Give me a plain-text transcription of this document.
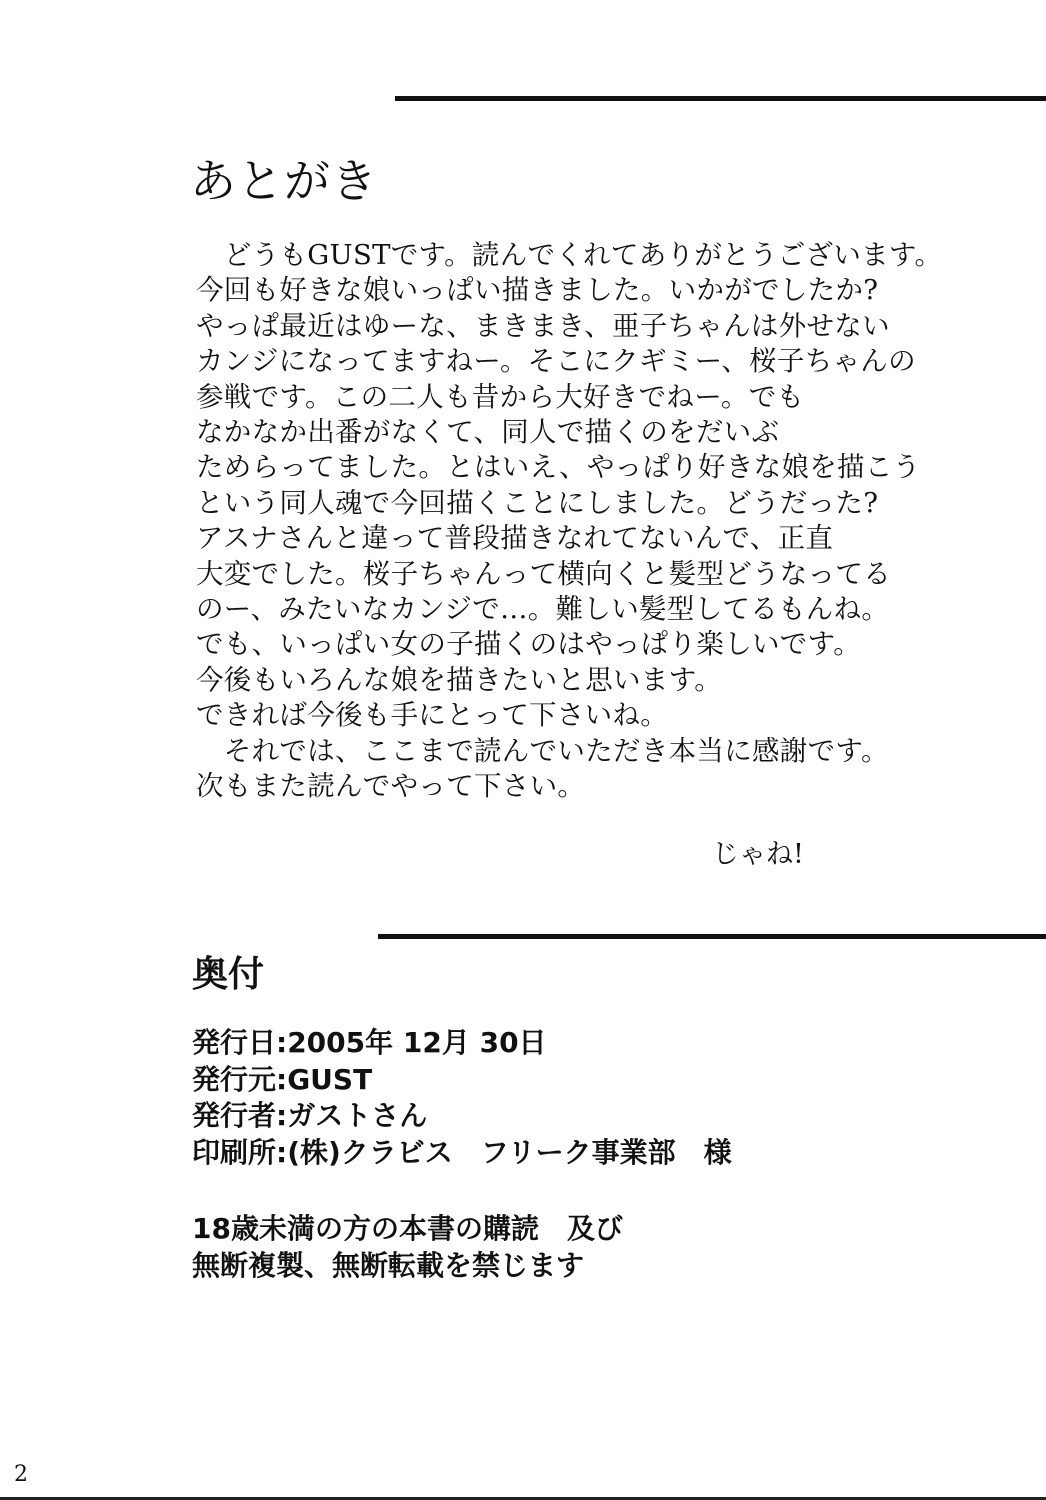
あとがき
　どうもGUSTです。読んでくれてありがとうございます。
今回も好きな娘いっぱい描きました。いかがでしたか?
やっぱ最近はゆーな、まきまき、亜子ちゃんは外せない
カンジになってますねー。そこにクギミー、桜子ちゃんの
参戦です。この二人も昔から大好きでねー。でも
なかなか出番がなくて、同人で描くのをだいぶ
ためらってました。とはいえ、やっぱり好きな娘を描こう
という同人魂で今回描くことにしました。どうだった?
アスナさんと違って普段描きなれてないんで、正直
大変でした。桜子ちゃんって横向くと髪型どうなってる
のー、みたいなカンジで…。難しい髪型してるもんね。
でも、いっぱい女の子描くのはやっぱり楽しいです。
今後もいろんな娘を描きたいと思います。
できれば今後も手にとって下さいね。
　それでは、ここまで読んでいただき本当に感謝です。
次もまた読んでやって下さい。
じゃね!
奥付
発行日:2005年 12月 30日
発行元:GUST
発行者:ガストさん
印刷所:(株)クラビス　フリーク事業部　様
18歳未満の方の本書の購読　及び
無断複製、無断転載を禁じます
2
